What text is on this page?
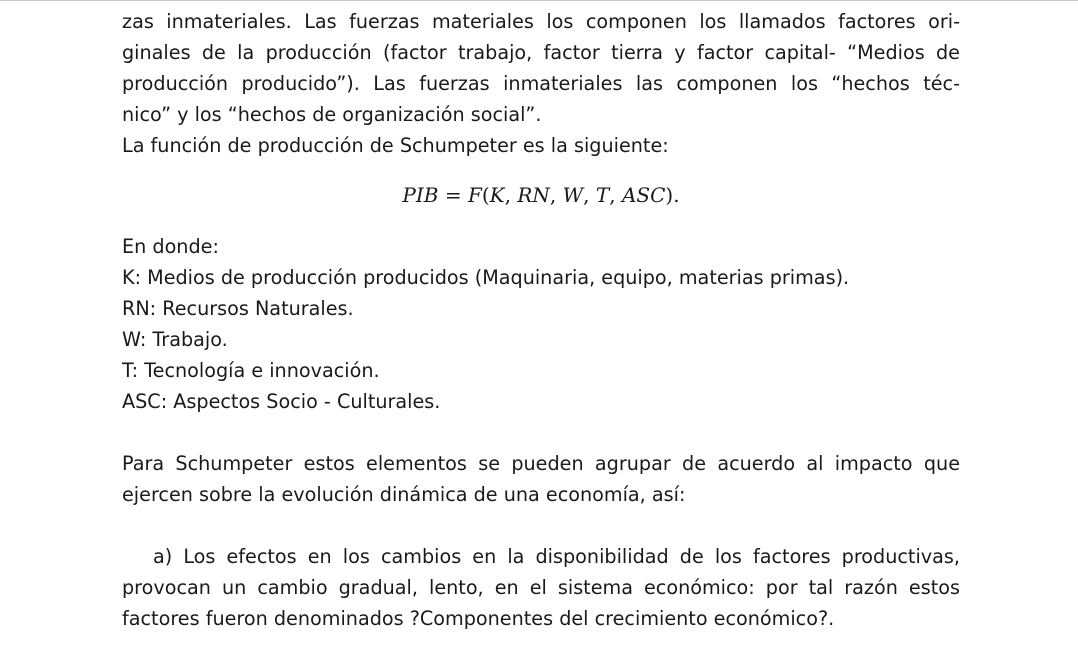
zas inmateriales. Las fuerzas materiales los componen los llamados factores ori-
ginales de la producción (factor trabajo, factor tierra y factor capital- “Medios de
producción producido”). Las fuerzas inmateriales las componen los “hechos téc-
nico” y los “hechos de organización social”.
La función de producción de Schumpeter es la siguiente:
PIB = F(K, RN, W, T, ASC).
En donde:
K: Medios de producción producidos (Maquinaria, equipo, materias primas).
RN: Recursos Naturales.
W: Trabajo.
T: Tecnología e innovación.
ASC: Aspectos Socio - Culturales.
Para Schumpeter estos elementos se pueden agrupar de acuerdo al impacto que
ejercen sobre la evolución dinámica de una economía, así:
a) Los efectos en los cambios en la disponibilidad de los factores productivas,
provocan un cambio gradual, lento, en el sistema económico: por tal razón estos
factores fueron denominados ?Componentes del crecimiento económico?.
